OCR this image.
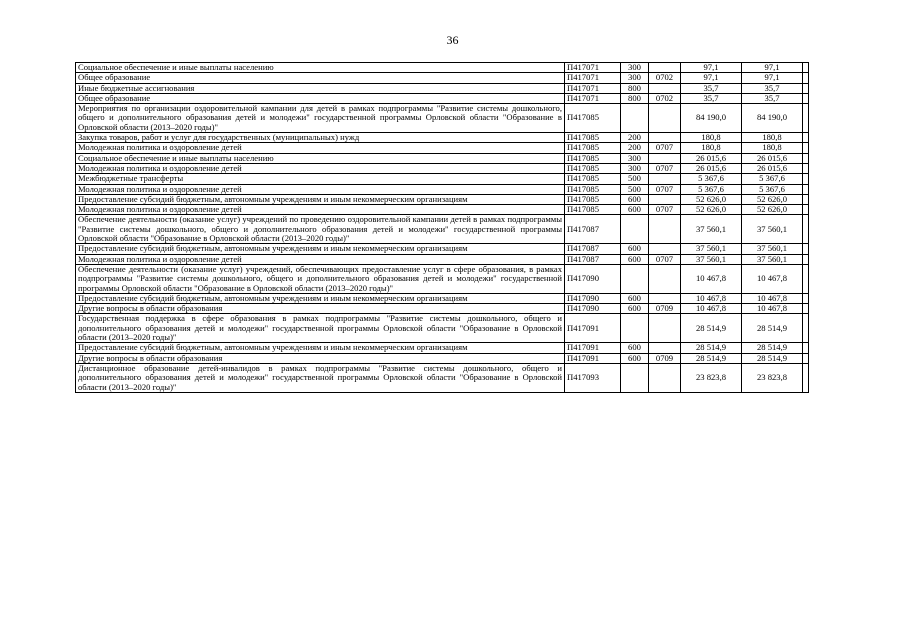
36
Социальное обеспечение и иные выплаты населению	П417071	300		97,1	97,1	
Общее образование	П417071	300	0702	97,1	97,1	
Иные бюджетные ассигнования	П417071	800		35,7	35,7	
Общее образование	П417071	800	0702	35,7	35,7	
Мероприятия по организации оздоровительной кампании для детей в рамках подпрограммы "Развитие системы дошкольного, общего и дополнительного образования детей и молодежи" государственной программы Орловской области "Образование в Орловской области (2013–2020 годы)"	П417085			84 190,0	84 190,0	
Закупка товаров, работ и услуг для государственных (муниципальных) нужд	П417085	200		180,8	180,8	
Молодежная политика и оздоровление детей	П417085	200	0707	180,8	180,8	
Социальное обеспечение и иные выплаты населению	П417085	300		26 015,6	26 015,6	
Молодежная политика и оздоровление детей	П417085	300	0707	26 015,6	26 015,6	
Межбюджетные трансферты	П417085	500		5 367,6	5 367,6	
Молодежная политика и оздоровление детей	П417085	500	0707	5 367,6	5 367,6	
Предоставление субсидий бюджетным, автономным учреждениям и иным некоммерческим организациям	П417085	600		52 626,0	52 626,0	
Молодежная политика и оздоровление детей	П417085	600	0707	52 626,0	52 626,0	
Обеспечение деятельности (оказание услуг) учреждений по проведению оздоровительной кампании детей в рамках подпрограммы "Развитие системы дошкольного, общего и дополнительного образования детей и молодежи" государственной программы Орловской области "Образование в Орловской области (2013–2020 годы)"	П417087			37 560,1	37 560,1	
Предоставление субсидий бюджетным, автономным учреждениям и иным некоммерческим организациям	П417087	600		37 560,1	37 560,1	
Молодежная политика и оздоровление детей	П417087	600	0707	37 560,1	37 560,1	
Обеспечение деятельности (оказание услуг) учреждений, обеспечивающих предоставление услуг в сфере образования, в рамках подпрограммы "Развитие системы дошкольного, общего и дополнительного образования детей и молодежи" государственной программы Орловской области "Образование в Орловской области (2013–2020 годы)"	П417090			10 467,8	10 467,8	
Предоставление субсидий бюджетным, автономным учреждениям и иным некоммерческим организациям	П417090	600		10 467,8	10 467,8	
Другие вопросы в области образования	П417090	600	0709	10 467,8	10 467,8	
Государственная поддержка в сфере образования в рамках подпрограммы "Развитие системы дошкольного, общего и дополнительного образования детей и молодежи" государственной программы Орловской области "Образование в Орловской области (2013–2020 годы)"	П417091			28 514,9	28 514,9	
Предоставление субсидий бюджетным, автономным учреждениям и иным некоммерческим организациям	П417091	600		28 514,9	28 514,9	
Другие вопросы в области образования	П417091	600	0709	28 514,9	28 514,9	
Дистанционное образование детей-инвалидов в рамках подпрограммы "Развитие системы дошкольного, общего и дополнительного образования детей и молодежи" государственной программы Орловской области "Образование в Орловской области (2013–2020 годы)"	П417093			23 823,8	23 823,8	
